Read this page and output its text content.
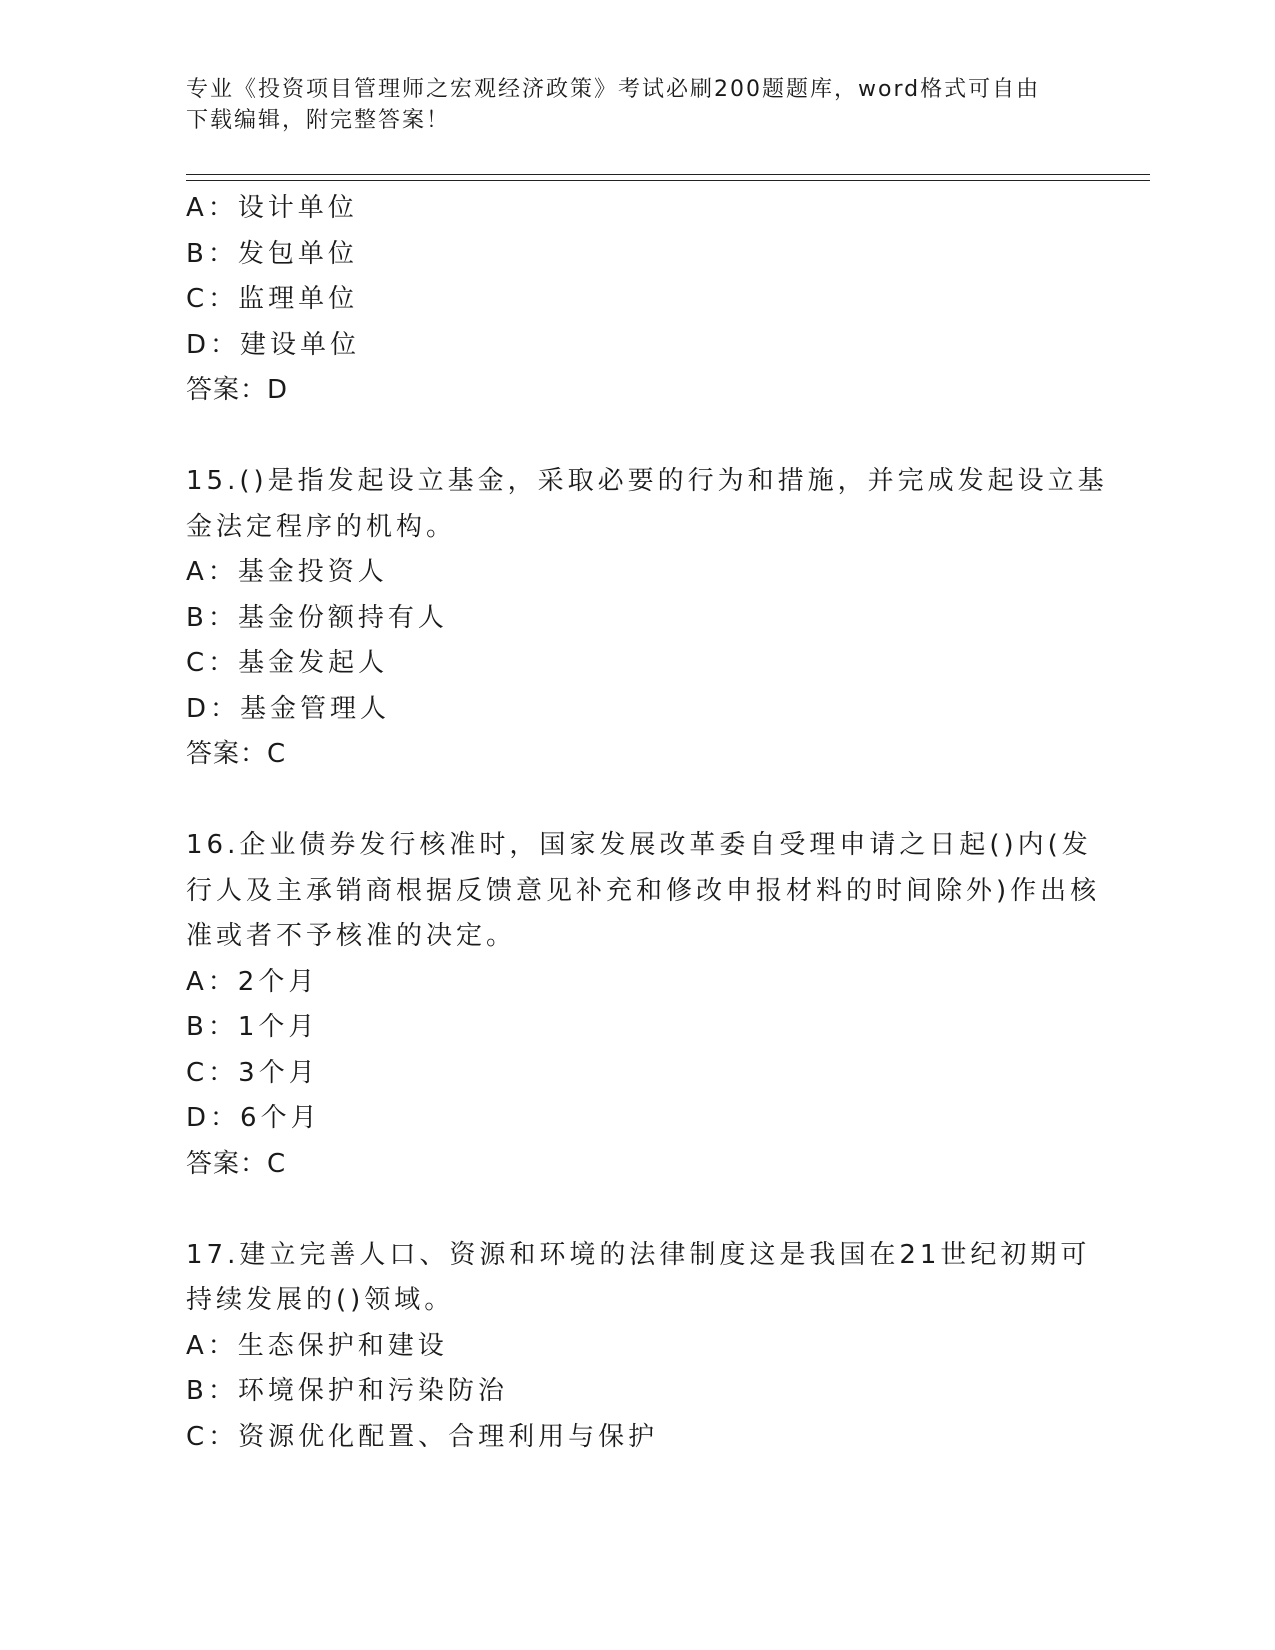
专业《投资项目管理师之宏观经济政策》考试必刷200题题库，word格式可自由
下载编辑，附完整答案！
A：设计单位
B：发包单位
C：监理单位
D：建设单位
答案：D
15.()是指发起设立基金，采取必要的行为和措施，并完成发起设立基
金法定程序的机构。
A：基金投资人
B：基金份额持有人
C：基金发起人
D：基金管理人
答案：C
16.企业债券发行核准时，国家发展改革委自受理申请之日起()内(发
行人及主承销商根据反馈意见补充和修改申报材料的时间除外)作出核
准或者不予核准的决定。
A：2个月
B：1个月
C：3个月
D：6个月
答案：C
17.建立完善人口、资源和环境的法律制度这是我国在21世纪初期可
持续发展的()领域。
A：生态保护和建设
B：环境保护和污染防治
C：资源优化配置、合理利用与保护
